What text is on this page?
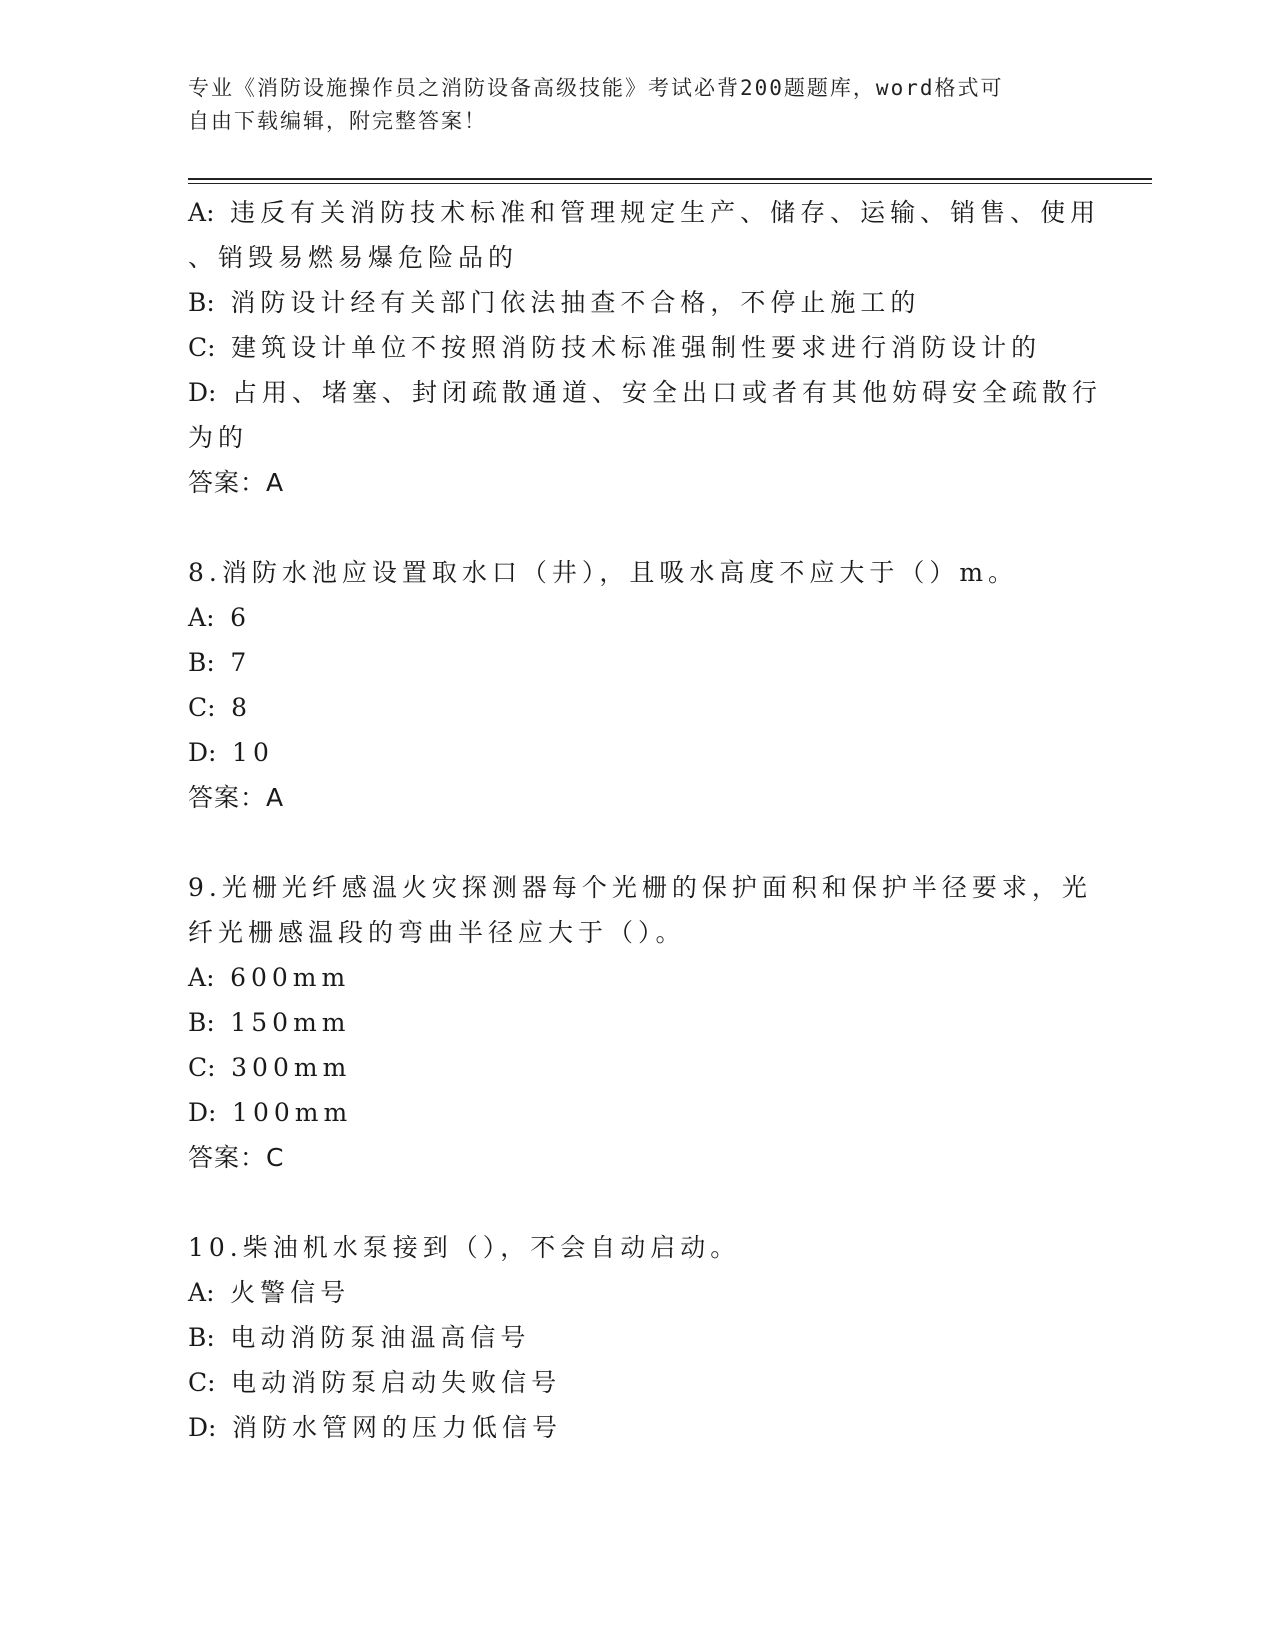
专业《消防设施操作员之消防设备高级技能》考试必背200题题库，word格式可
自由下载编辑，附完整答案！
A: 违反有关消防技术标准和管理规定生产、储存、运输、销售、使用
、销毁易燃易爆危险品的
B: 消防设计经有关部门依法抽查不合格，不停止施工的
C: 建筑设计单位不按照消防技术标准强制性要求进行消防设计的
D: 占用、堵塞、封闭疏散通道、安全出口或者有其他妨碍安全疏散行
为的
答案：A
8.消防水池应设置取水口（井），且吸水高度不应大于（）m。
A: 6
B: 7
C: 8
D: 10
答案：A
9.光栅光纤感温火灾探测器每个光栅的保护面积和保护半径要求，光
纤光栅感温段的弯曲半径应大于（）。
A: 600mm
B: 150mm
C: 300mm
D: 100mm
答案：C
10.柴油机水泵接到（），不会自动启动。
A: 火警信号
B: 电动消防泵油温高信号
C: 电动消防泵启动失败信号
D: 消防水管网的压力低信号
